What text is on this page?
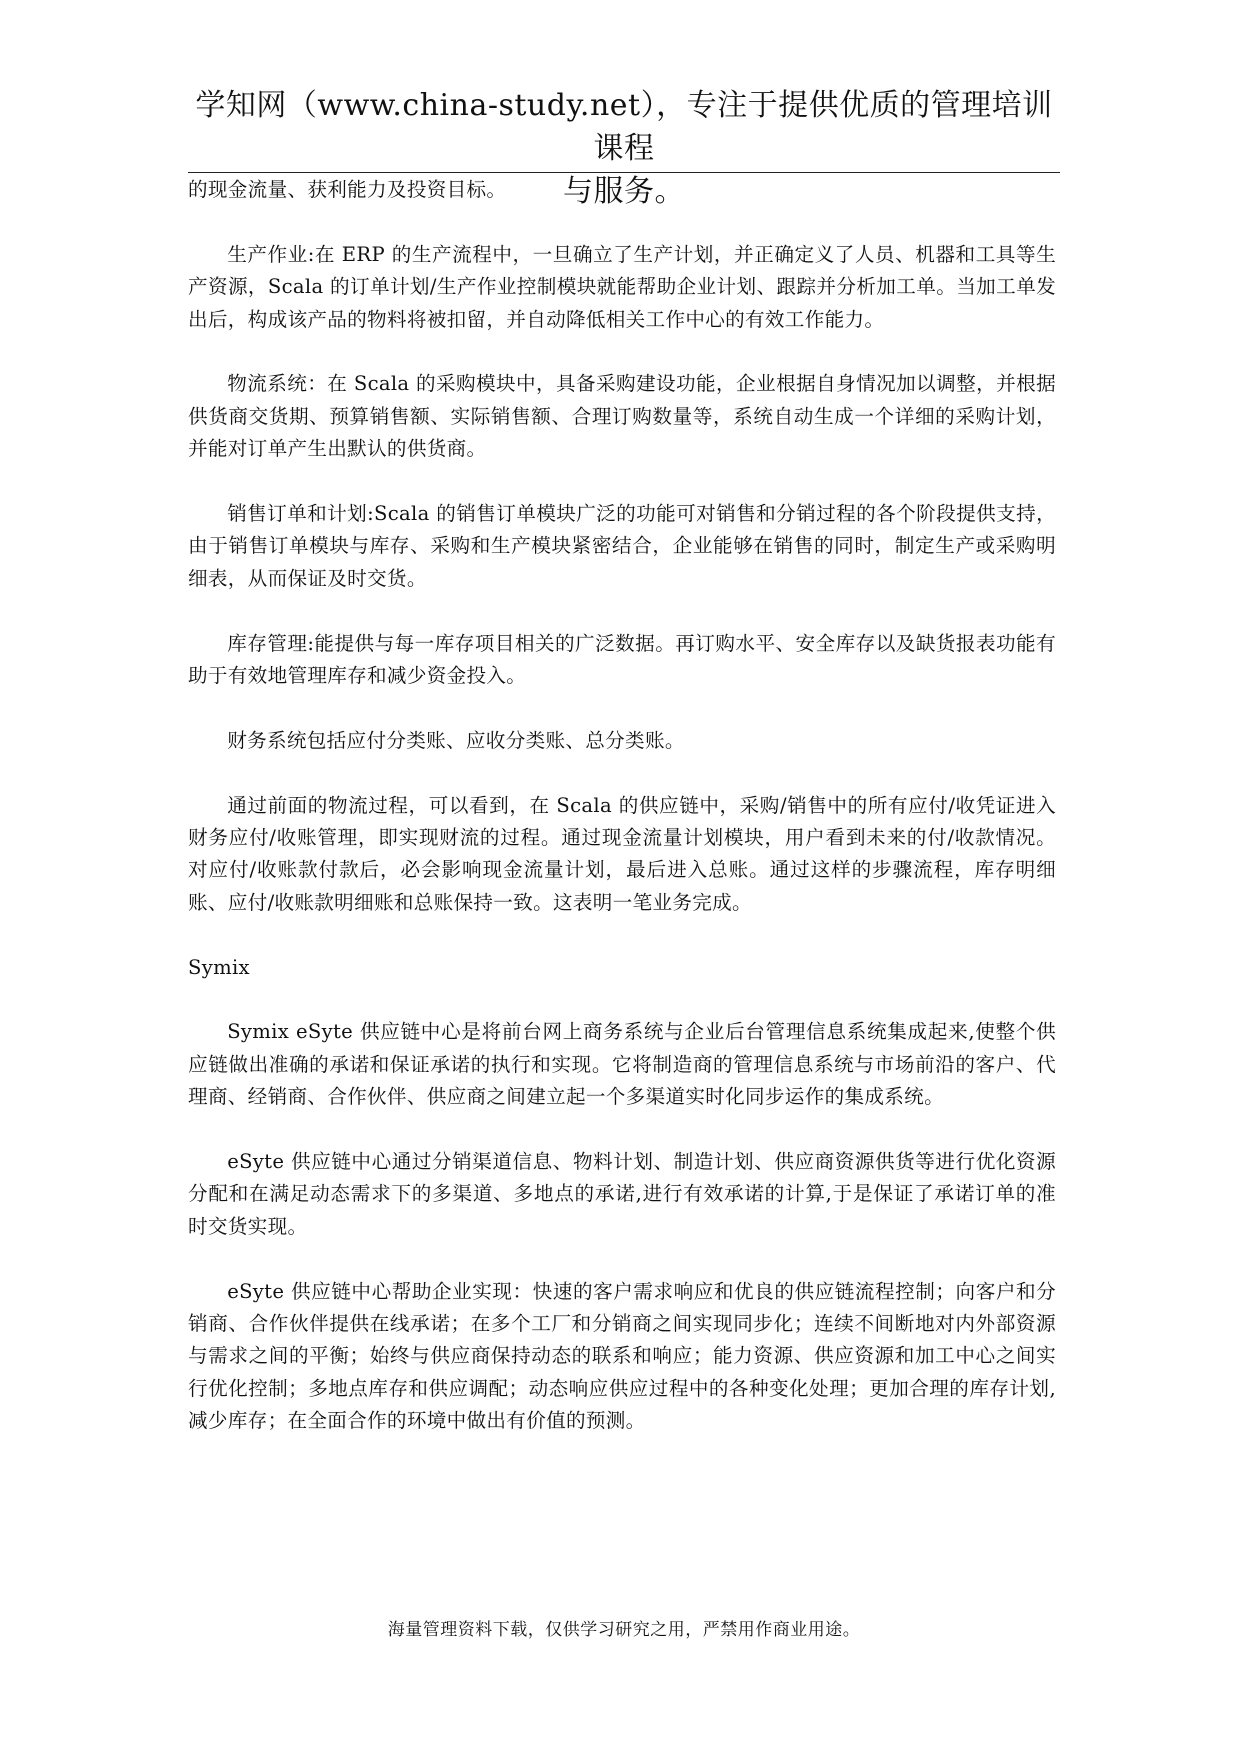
学知网（www.china-study.net），专注于提供优质的管理培训课程
与服务。

的现金流量、获利能力及投资目标。

生产作业:在 ERP 的生产流程中，一旦确立了生产计划，并正确定义了人员、机器和工具等生产资源，Scala 的订单计划/生产作业控制模块就能帮助企业计划、跟踪并分析加工单。当加工单发出后，构成该产品的物料将被扣留，并自动降低相关工作中心的有效工作能力。

物流系统：在 Scala 的采购模块中，具备采购建设功能，企业根据自身情况加以调整，并根据供货商交货期、预算销售额、实际销售额、合理订购数量等，系统自动生成一个详细的采购计划，并能对订单产生出默认的供货商。

销售订单和计划:Scala 的销售订单模块广泛的功能可对销售和分销过程的各个阶段提供支持，由于销售订单模块与库存、采购和生产模块紧密结合，企业能够在销售的同时，制定生产或采购明细表，从而保证及时交货。

库存管理:能提供与每一库存项目相关的广泛数据。再订购水平、安全库存以及缺货报表功能有助于有效地管理库存和减少资金投入。

财务系统包括应付分类账、应收分类账、总分类账。

通过前面的物流过程，可以看到，在 Scala 的供应链中，采购/销售中的所有应付/收凭证进入财务应付/收账管理，即实现财流的过程。通过现金流量计划模块，用户看到未来的付/收款情况。对应付/收账款付款后，必会影响现金流量计划，最后进入总账。通过这样的步骤流程，库存明细账、应付/收账款明细账和总账保持一致。这表明一笔业务完成。

Symix

Symix eSyte 供应链中心是将前台网上商务系统与企业后台管理信息系统集成起来,使整个供应链做出准确的承诺和保证承诺的执行和实现。它将制造商的管理信息系统与市场前沿的客户、代理商、经销商、合作伙伴、供应商之间建立起一个多渠道实时化同步运作的集成系统。

eSyte 供应链中心通过分销渠道信息、物料计划、制造计划、供应商资源供货等进行优化资源分配和在满足动态需求下的多渠道、多地点的承诺,进行有效承诺的计算,于是保证了承诺订单的准时交货实现。

eSyte 供应链中心帮助企业实现：快速的客户需求响应和优良的供应链流程控制；向客户和分销商、合作伙伴提供在线承诺；在多个工厂和分销商之间实现同步化；连续不间断地对内外部资源与需求之间的平衡；始终与供应商保持动态的联系和响应；能力资源、供应资源和加工中心之间实行优化控制；多地点库存和供应调配；动态响应供应过程中的各种变化处理；更加合理的库存计划,减少库存；在全面合作的环境中做出有价值的预测。

海量管理资料下载，仅供学习研究之用，严禁用作商业用途。
